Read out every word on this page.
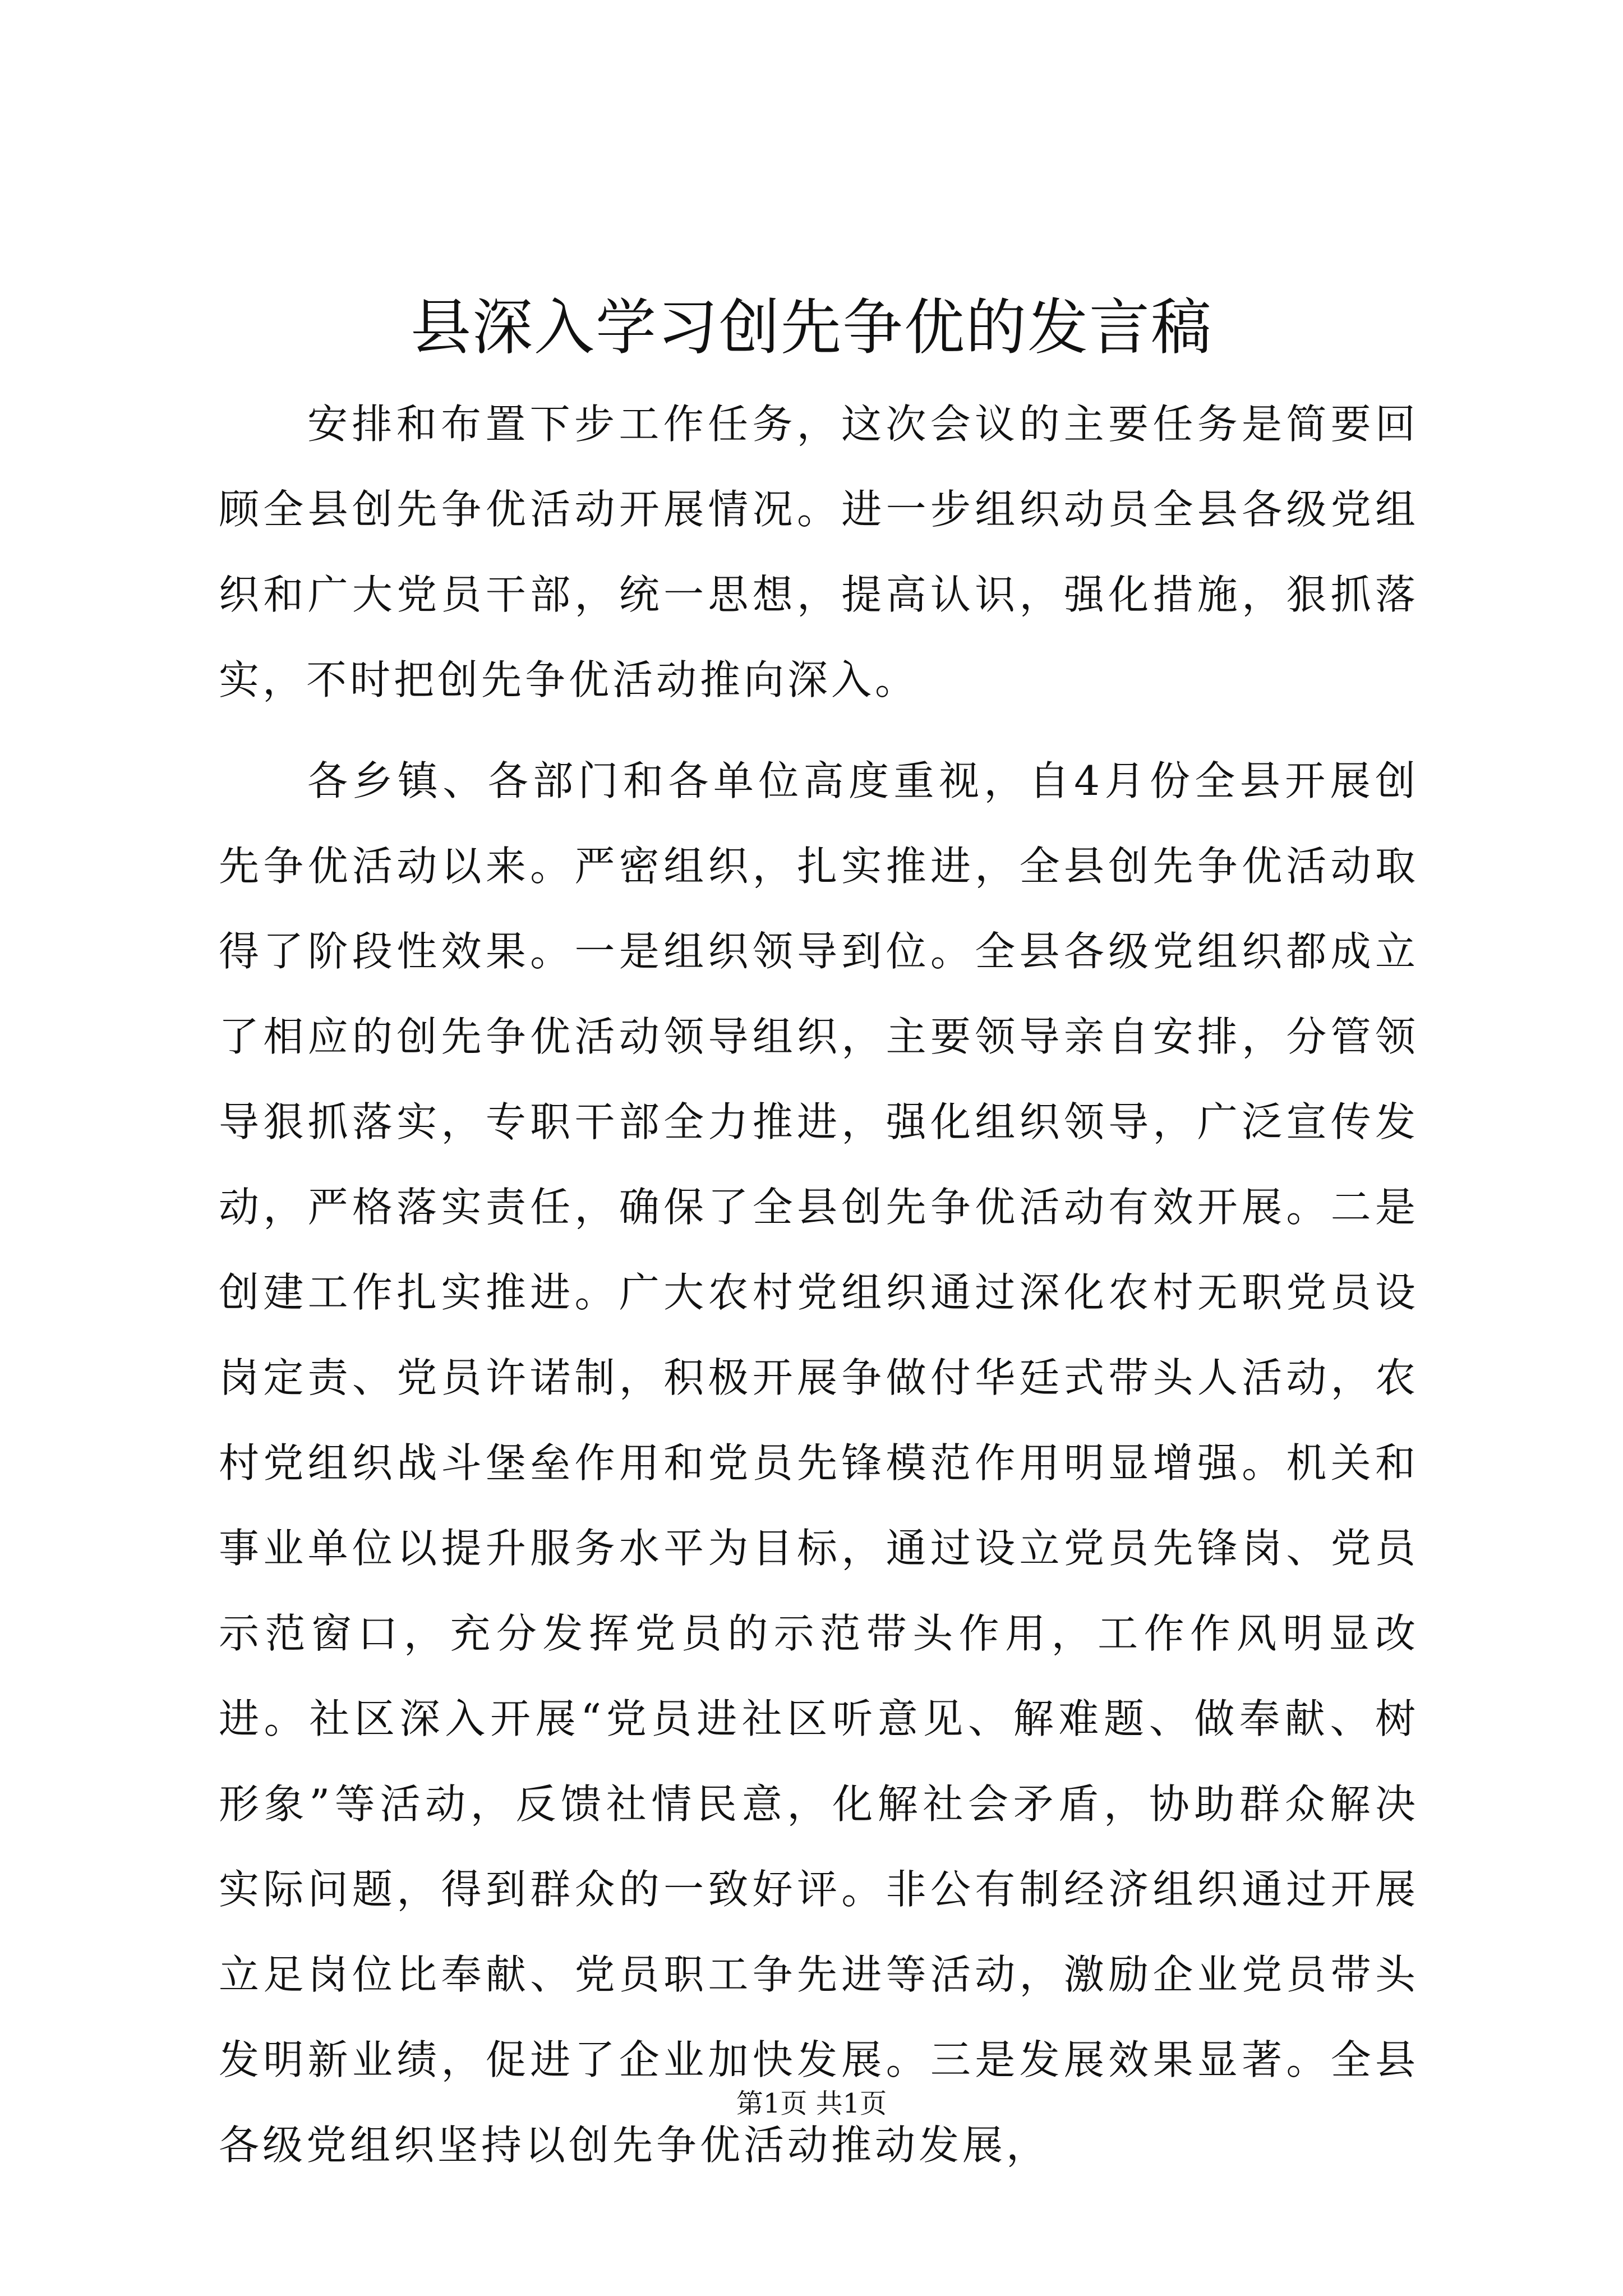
县深入学习创先争优的发言稿

安排和布置下步工作任务，这次会议的主要任务是简要回顾全县创先争优活动开展情况。进一步组织动员全县各级党组织和广大党员干部，统一思想，提高认识，强化措施，狠抓落实，不时把创先争优活动推向深入。

各乡镇、各部门和各单位高度重视，自4月份全县开展创先争优活动以来。严密组织，扎实推进，全县创先争优活动取得了阶段性效果。一是组织领导到位。全县各级党组织都成立了相应的创先争优活动领导组织，主要领导亲自安排，分管领导狠抓落实，专职干部全力推进，强化组织领导，广泛宣传发动，严格落实责任，确保了全县创先争优活动有效开展。二是创建工作扎实推进。广大农村党组织通过深化农村无职党员设岗定责、党员许诺制，积极开展争做付华廷式带头人活动，农村党组织战斗堡垒作用和党员先锋模范作用明显增强。机关和事业单位以提升服务水平为目标，通过设立党员先锋岗、党员示范窗口，充分发挥党员的示范带头作用，工作作风明显改进。社区深入开展“党员进社区听意见、解难题、做奉献、树形象”等活动，反馈社情民意，化解社会矛盾，协助群众解决实际问题，得到群众的一致好评。非公有制经济组织通过开展立足岗位比奉献、党员职工争先进等活动，激励企业党员带头发明新业绩，促进了企业加快发展。三是发展效果显著。全县各级党组织坚持以创先争优活动推动发展，

第1页 共1页
